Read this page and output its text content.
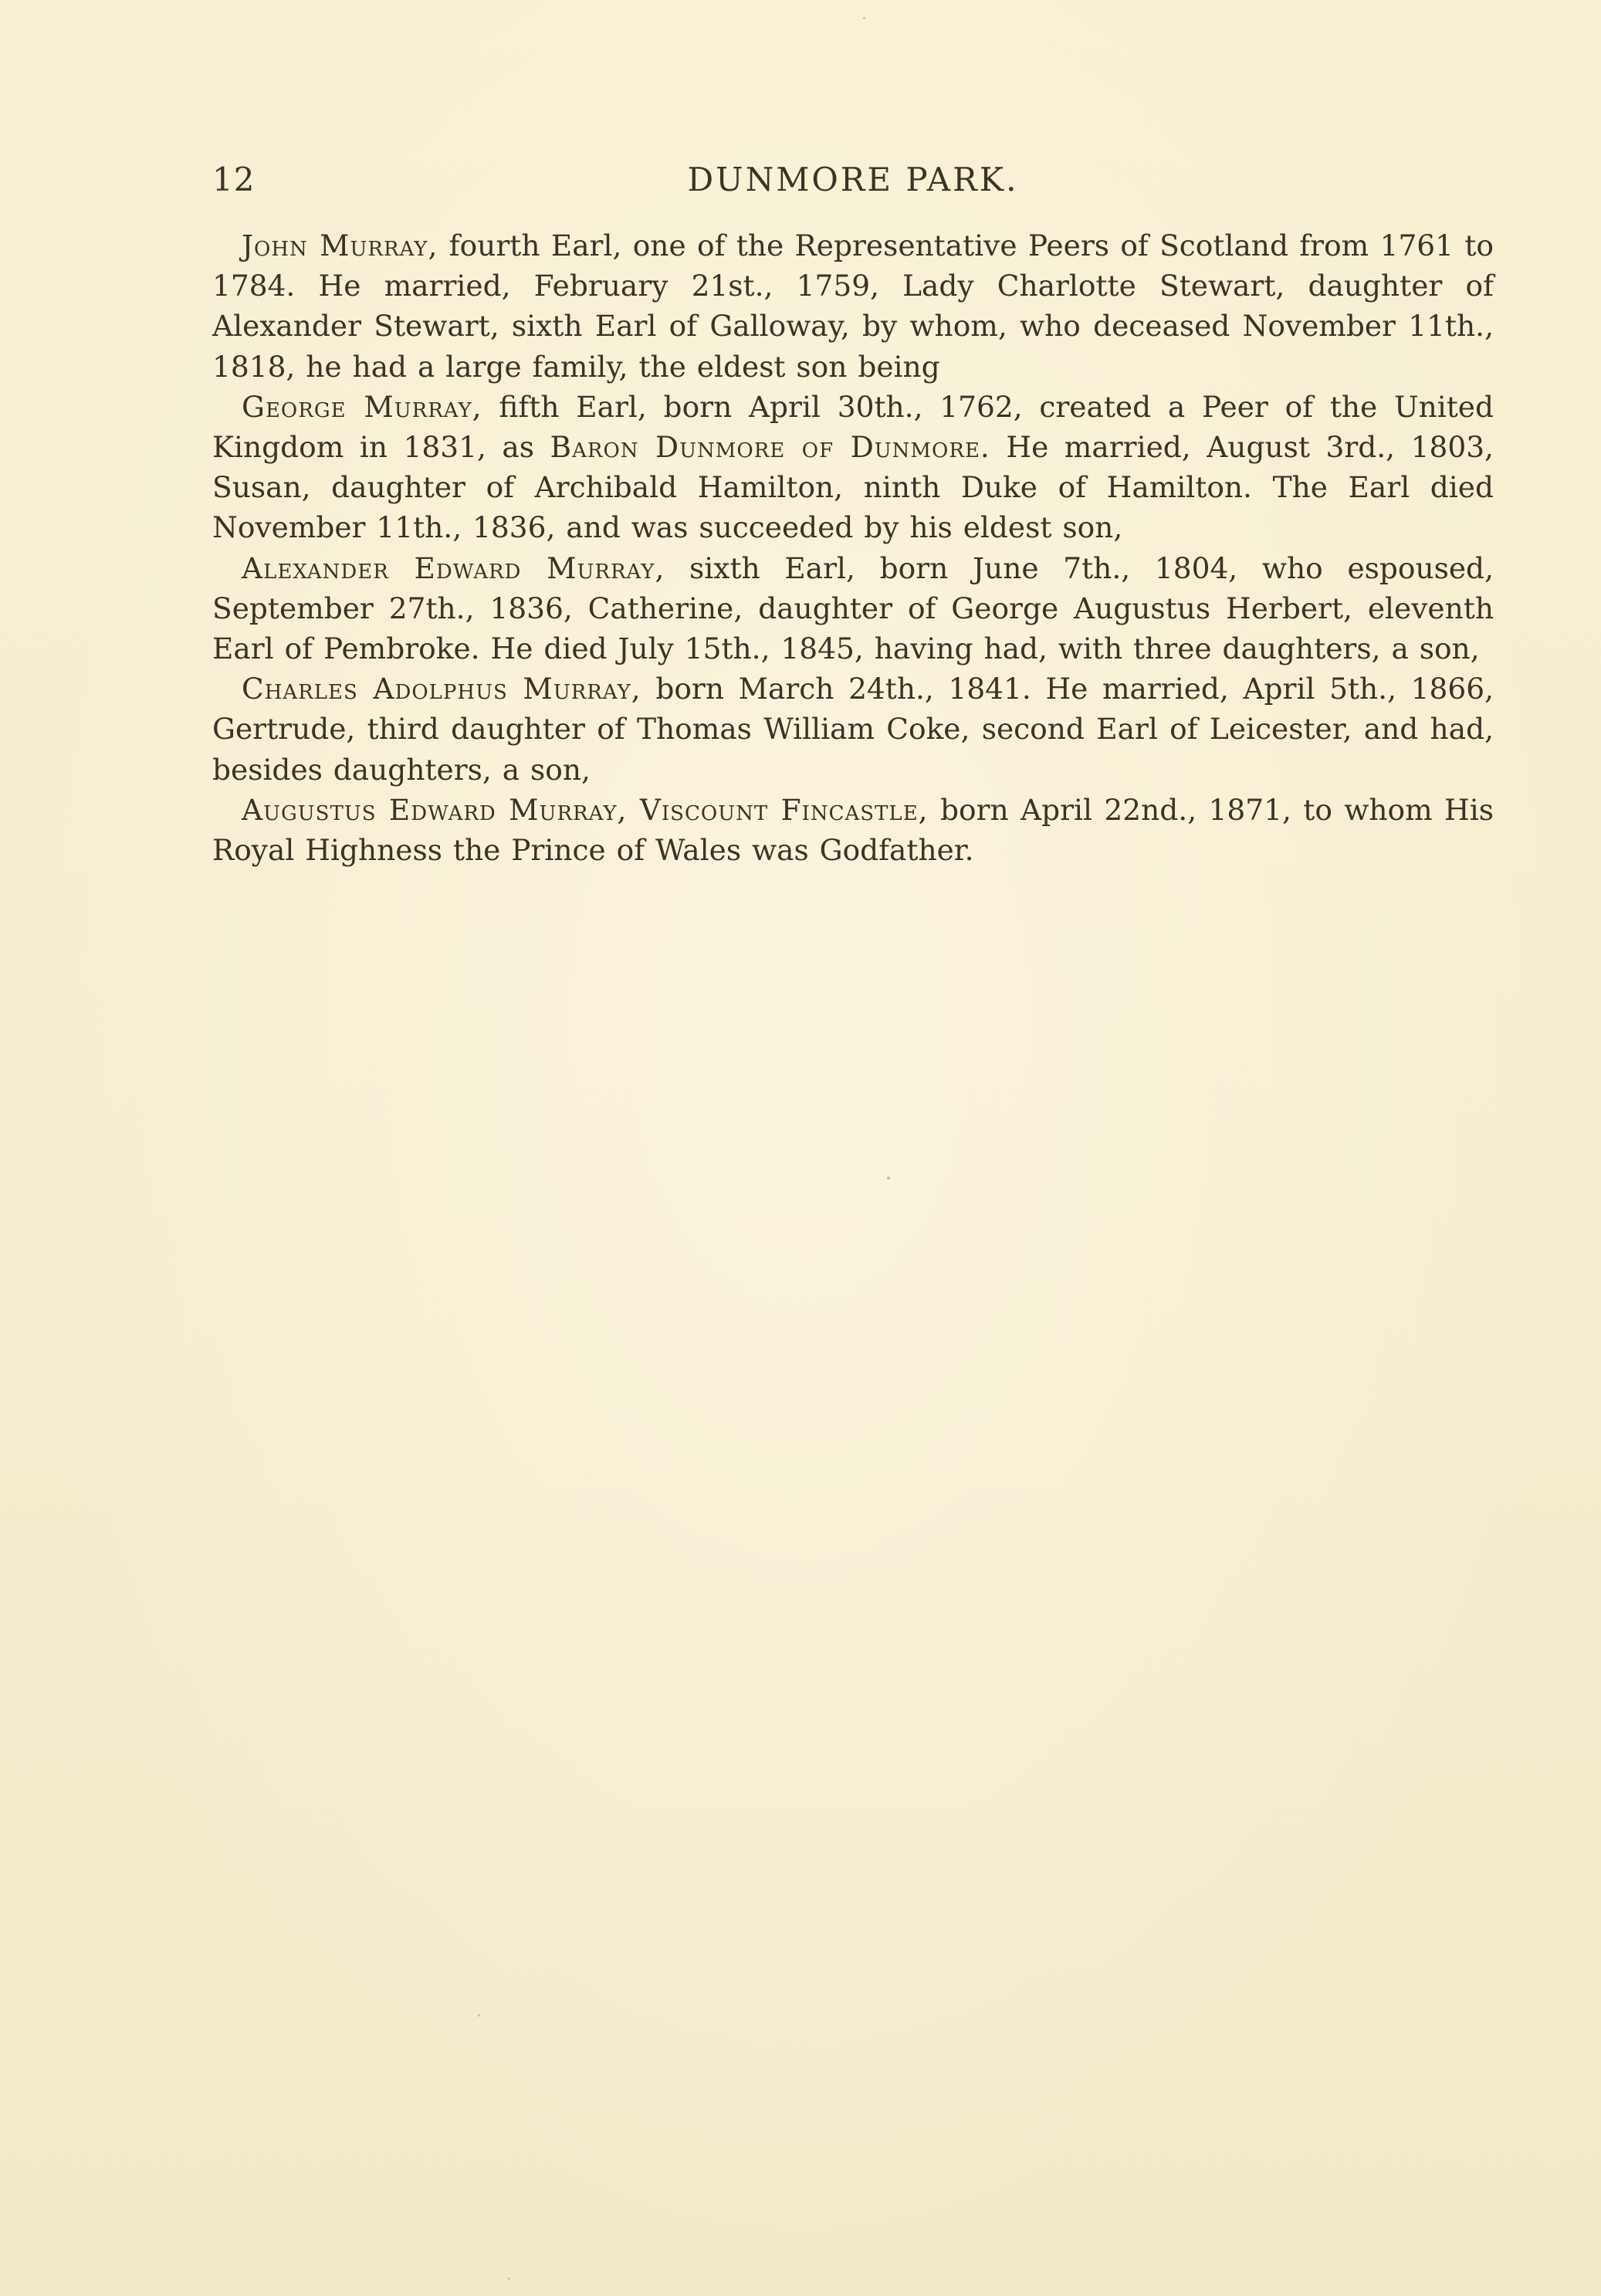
12	DUNMORE PARK.

John Murray, fourth Earl, one of the Representative Peers of Scotland from 1761 to 1784. He married, February 21st., 1759, Lady Charlotte Stewart, daughter of Alexander Stewart, sixth Earl of Galloway, by whom, who deceased November 11th., 1818, he had a large family, the eldest son being

George Murray, fifth Earl, born April 30th., 1762, created a Peer of the United Kingdom in 1831, as Baron Dunmore of Dunmore. He married, August 3rd., 1803, Susan, daughter of Archibald Hamilton, ninth Duke of Hamilton. The Earl died November 11th., 1836, and was succeeded by his eldest son,

Alexander Edward Murray, sixth Earl, born June 7th., 1804, who espoused, September 27th., 1836, Catherine, daughter of George Augustus Herbert, eleventh Earl of Pembroke. He died July 15th., 1845, having had, with three daughters, a son,

Charles Adolphus Murray, born March 24th., 1841. He married, April 5th., 1866, Gertrude, third daughter of Thomas William Coke, second Earl of Leicester, and had, besides daughters, a son,

Augustus Edward Murray, Viscount Fincastle, born April 22nd., 1871, to whom His Royal Highness the Prince of Wales was Godfather.
